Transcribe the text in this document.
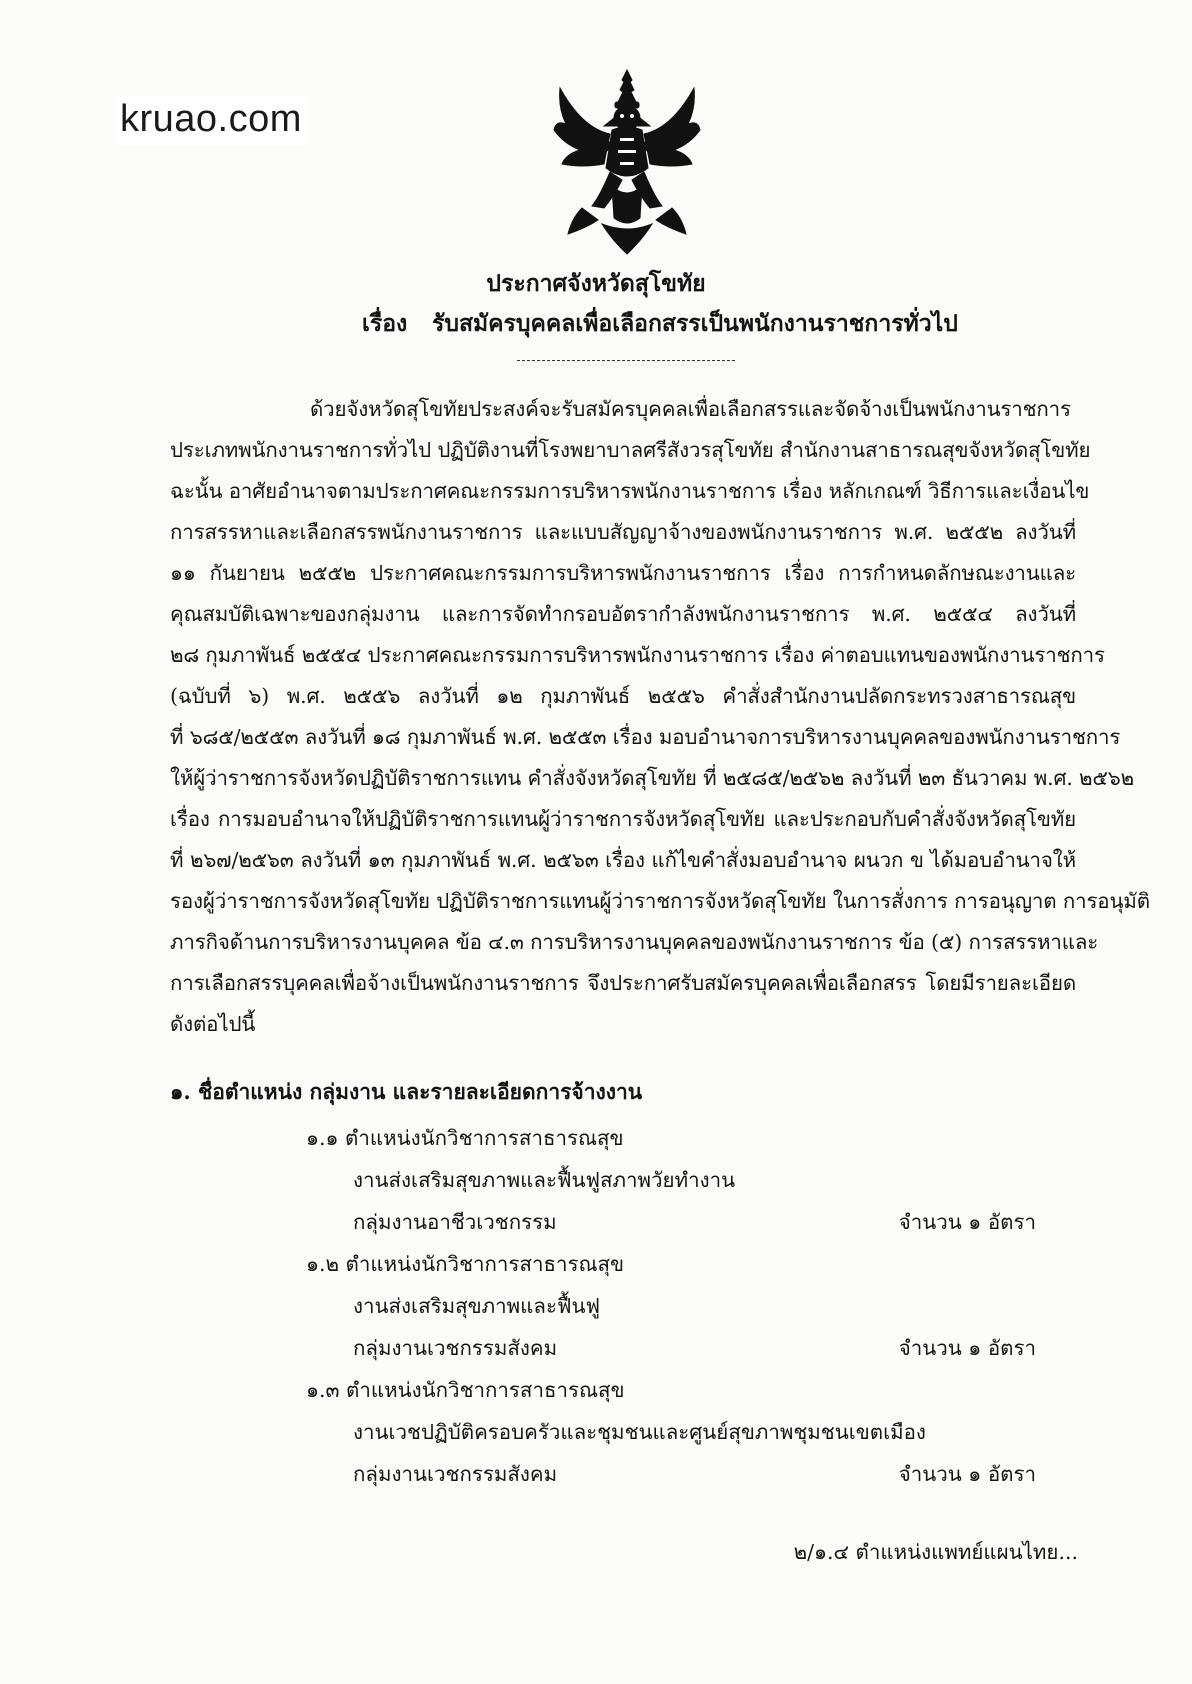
kruao.com
ประกาศจังหวัดสุโขทัย
เรื่อง รับสมัครบุคคลเพื่อเลือกสรรเป็นพนักงานราชการทั่วไป
ด้วยจังหวัดสุโขทัยประสงค์จะรับสมัครบุคคลเพื่อเลือกสรรและจัดจ้างเป็นพนักงานราชการ
ประเภทพนักงานราชการทั่วไป ปฏิบัติงานที่โรงพยาบาลศรีสังวรสุโขทัย สำนักงานสาธารณสุขจังหวัดสุโขทัย
ฉะนั้น อาศัยอำนาจตามประกาศคณะกรรมการบริหารพนักงานราชการ เรื่อง หลักเกณฑ์ วิธีการและเงื่อนไข
การสรรหาและเลือกสรรพนักงานราชการ และแบบสัญญาจ้างของพนักงานราชการ พ.ศ. ๒๕๕๒ ลงวันที่
๑๑ กันยายน ๒๕๕๒ ประกาศคณะกรรมการบริหารพนักงานราชการ เรื่อง การกำหนดลักษณะงานและ
คุณสมบัติเฉพาะของกลุ่มงาน และการจัดทำกรอบอัตรากำลังพนักงานราชการ พ.ศ. ๒๕๕๔ ลงวันที่
๒๘ กุมภาพันธ์ ๒๕๕๔ ประกาศคณะกรรมการบริหารพนักงานราชการ เรื่อง ค่าตอบแทนของพนักงานราชการ
(ฉบับที่ ๖) พ.ศ. ๒๕๕๖ ลงวันที่ ๑๒ กุมภาพันธ์ ๒๕๕๖ คำสั่งสำนักงานปลัดกระทรวงสาธารณสุข
ที่ ๖๘๕/๒๕๕๓ ลงวันที่ ๑๘ กุมภาพันธ์ พ.ศ. ๒๕๕๓ เรื่อง มอบอำนาจการบริหารงานบุคคลของพนักงานราชการ
ให้ผู้ว่าราชการจังหวัดปฏิบัติราชการแทน คำสั่งจังหวัดสุโขทัย ที่ ๒๕๘๕/๒๕๖๒ ลงวันที่ ๒๓ ธันวาคม พ.ศ. ๒๕๖๒
เรื่อง การมอบอำนาจให้ปฏิบัติราชการแทนผู้ว่าราชการจังหวัดสุโขทัย และประกอบกับคำสั่งจังหวัดสุโขทัย
ที่ ๒๖๗/๒๕๖๓ ลงวันที่ ๑๓ กุมภาพันธ์ พ.ศ. ๒๕๖๓ เรื่อง แก้ไขคำสั่งมอบอำนาจ ผนวก ข ได้มอบอำนาจให้
รองผู้ว่าราชการจังหวัดสุโขทัย ปฏิบัติราชการแทนผู้ว่าราชการจังหวัดสุโขทัย ในการสั่งการ การอนุญาต การอนุมัติ
ภารกิจด้านการบริหารงานบุคคล ข้อ ๔.๓ การบริหารงานบุคคลของพนักงานราชการ ข้อ (๕) การสรรหาและ
การเลือกสรรบุคคลเพื่อจ้างเป็นพนักงานราชการ จึงประกาศรับสมัครบุคคลเพื่อเลือกสรร โดยมีรายละเอียด
ดังต่อไปนี้
๑. ชื่อตำแหน่ง กลุ่มงาน และรายละเอียดการจ้างงาน
๑.๑ ตำแหน่งนักวิชาการสาธารณสุข
งานส่งเสริมสุขภาพและฟื้นฟูสภาพวัยทำงาน
กลุ่มงานอาชีวเวชกรรม	จำนวน ๑ อัตรา
๑.๒ ตำแหน่งนักวิชาการสาธารณสุข
งานส่งเสริมสุขภาพและฟื้นฟู
กลุ่มงานเวชกรรมสังคม	จำนวน ๑ อัตรา
๑.๓ ตำแหน่งนักวิชาการสาธารณสุข
งานเวชปฏิบัติครอบครัวและชุมชนและศูนย์สุขภาพชุมชนเขตเมือง
กลุ่มงานเวชกรรมสังคม	จำนวน ๑ อัตรา
๒/๑.๔ ตำแหน่งแพทย์แผนไทย...
